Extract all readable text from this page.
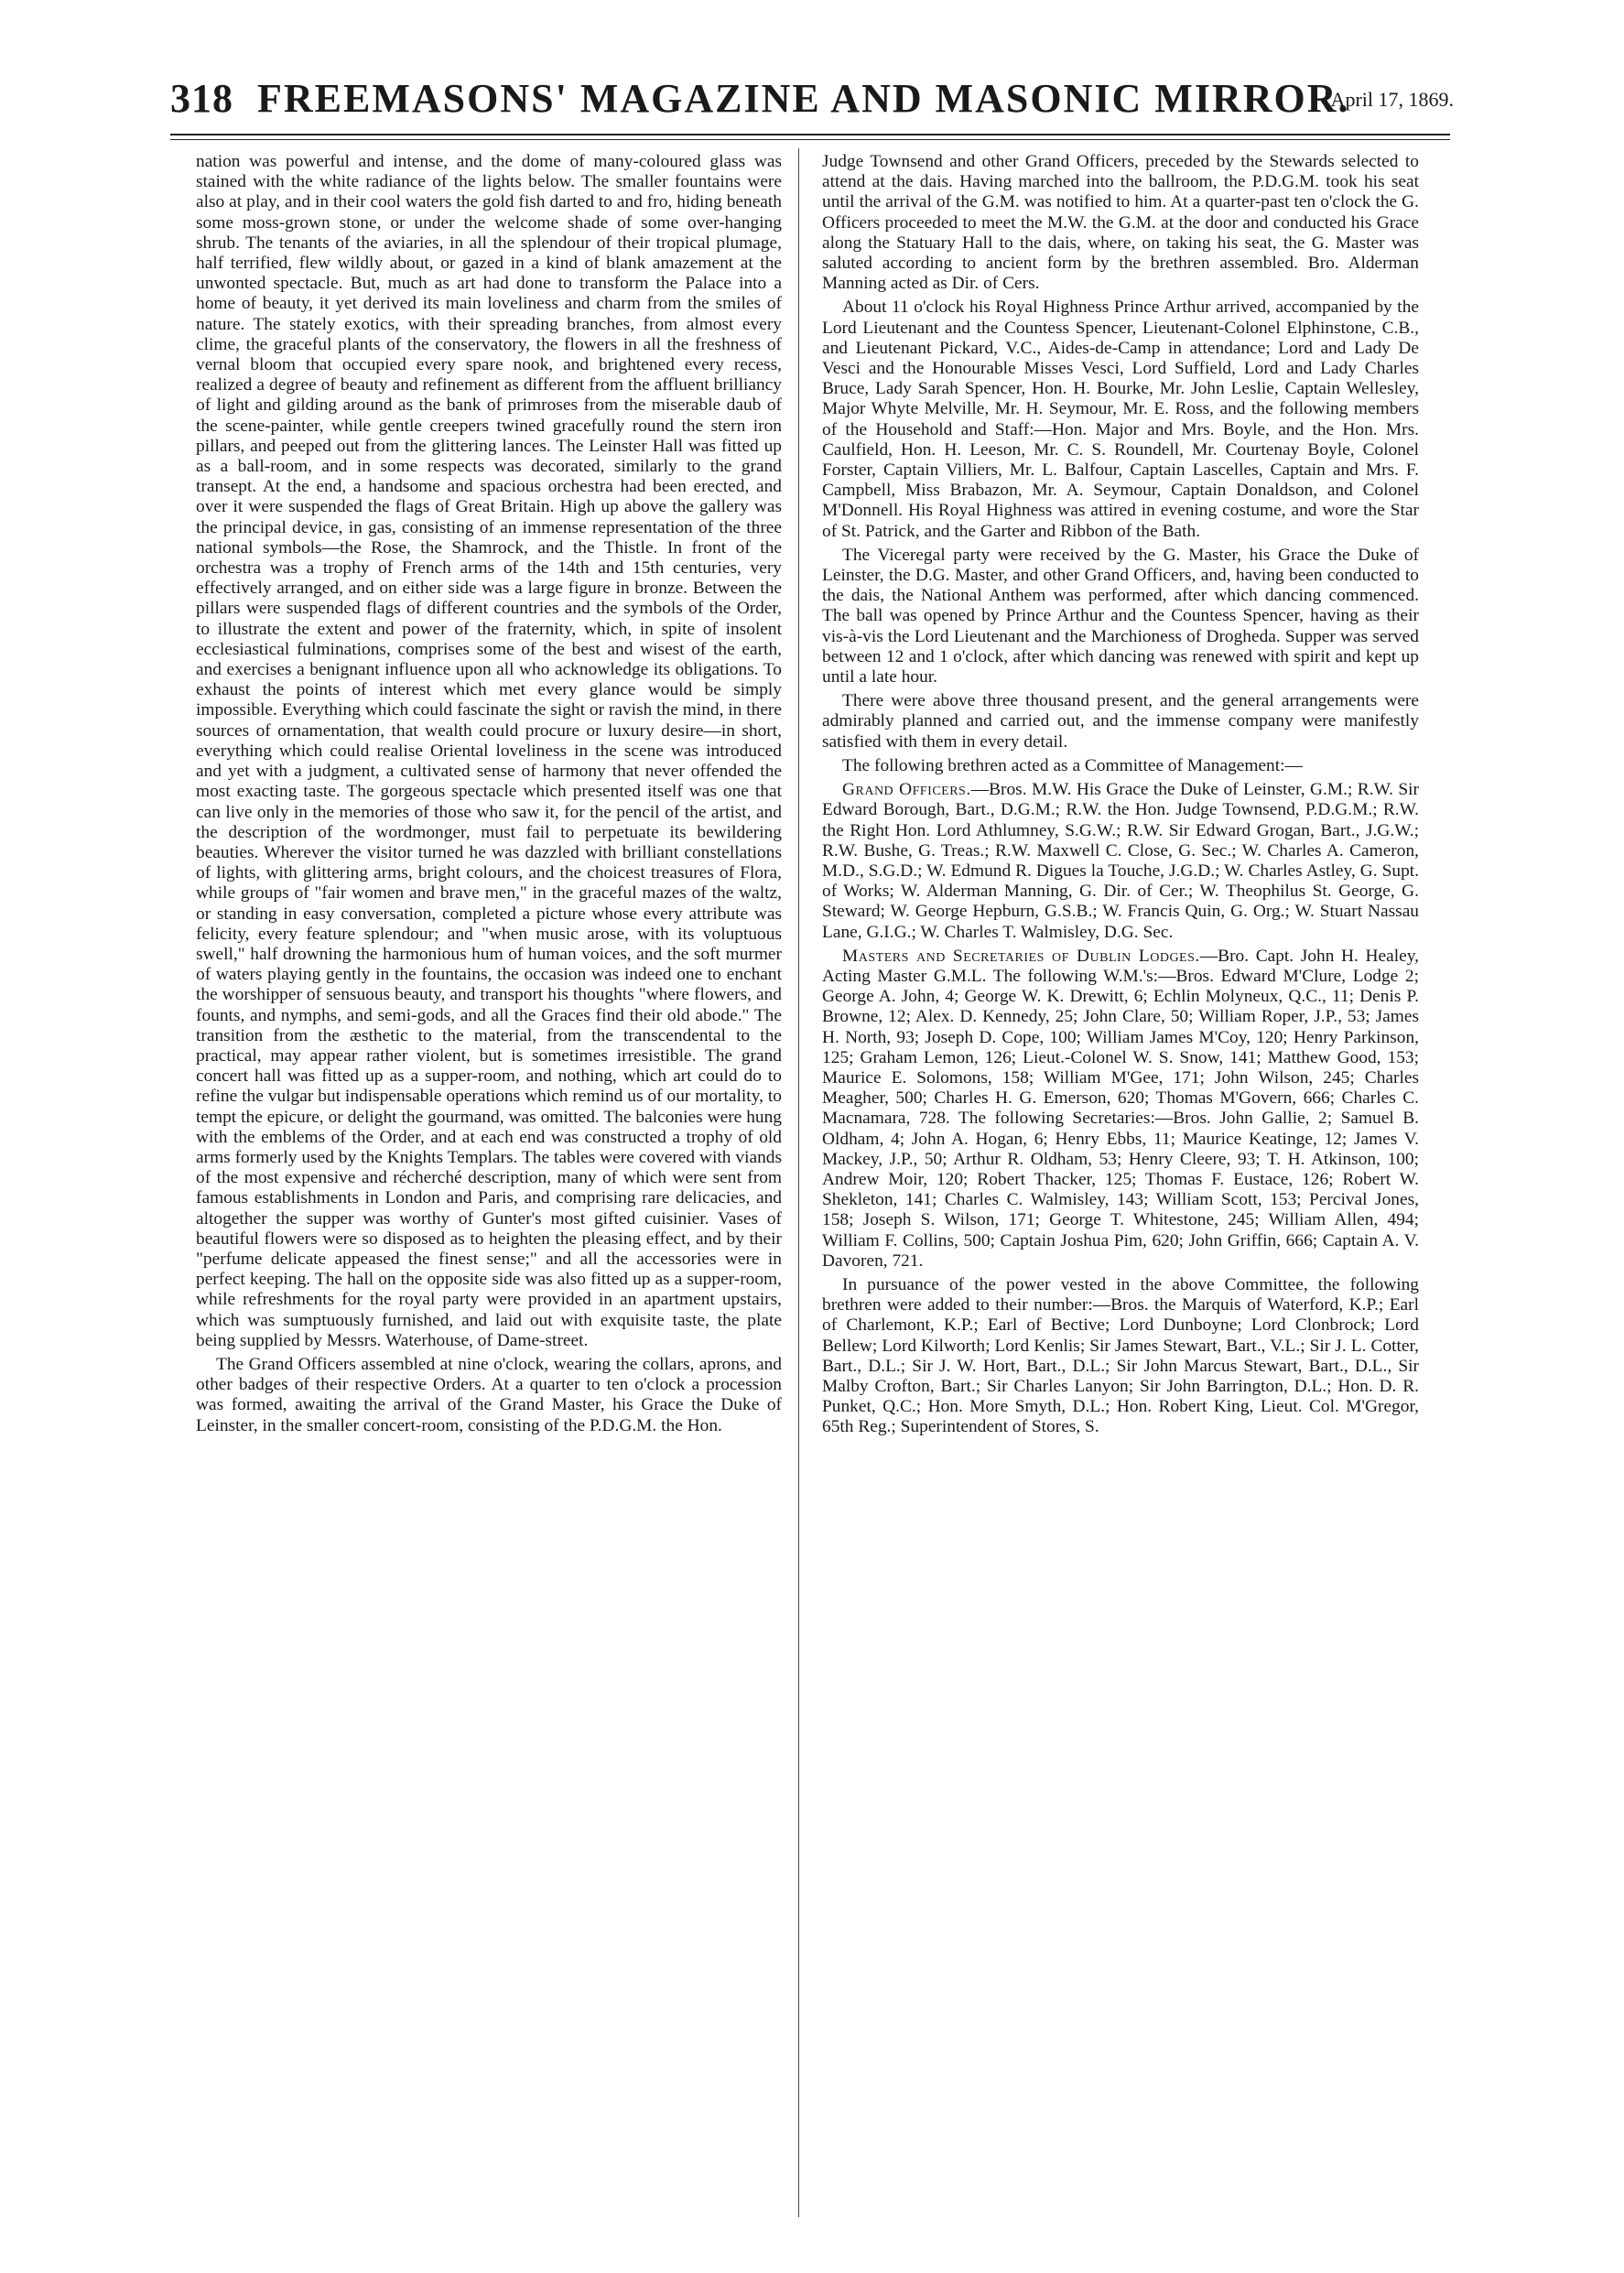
318 FREEMASONS' MAGAZINE AND MASONIC MIRROR.
[April 17, 1869.

nation was powerful and intense, and the dome of many-coloured glass was stained with the white radiance of the lights below. The smaller fountains were also at play, and in their cool waters the gold fish darted to and fro, hiding beneath some moss-grown stone, or under the welcome shade of some over-hanging shrub. The tenants of the aviaries, in all the splendour of their tropical plumage, half terrified, flew wildly about, or gazed in a kind of blank amazement at the unwonted spectacle. But, much as art had done to transform the Palace into a home of beauty, it yet derived its main loveliness and charm from the smiles of nature. The stately exotics, with their spreading branches, from almost every clime, the graceful plants of the conservatory, the flowers in all the freshness of vernal bloom that occupied every spare nook, and brightened every recess, realized a degree of beauty and refinement as different from the affluent brilliancy of light and gilding around as the bank of primroses from the miserable daub of the scene-painter, while gentle creepers twined gracefully round the stern iron pillars, and peeped out from the glittering lances. The Leinster Hall was fitted up as a ball-room, and in some respects was decorated, similarly to the grand transept. At the end, a handsome and spacious orchestra had been erected, and over it were suspended the flags of Great Britain. High up above the gallery was the principal device, in gas, consisting of an immense representation of the three national symbols—the Rose, the Shamrock, and the Thistle. In front of the orchestra was a trophy of French arms of the 14th and 15th centuries, very effectively arranged, and on either side was a large figure in bronze. Between the pillars were suspended flags of different countries and the symbols of the Order, to illustrate the extent and power of the fraternity, which, in spite of insolent ecclesiastical fulminations, comprises some of the best and wisest of the earth, and exercises a benignant influence upon all who acknowledge its obligations. To exhaust the points of interest which met every glance would be simply impossible. Everything which could fascinate the sight or ravish the mind, in there sources of ornamentation, that wealth could procure or luxury desire—in short, everything which could realise Oriental loveliness in the scene was introduced and yet with a judgment, a cultivated sense of harmony that never offended the most exacting taste. The gorgeous spectacle which presented itself was one that can live only in the memories of those who saw it, for the pencil of the artist, and the description of the wordmonger, must fail to perpetuate its bewildering beauties. Wherever the visitor turned he was dazzled with brilliant constellations of lights, with glittering arms, bright colours, and the choicest treasures of Flora, while groups of "fair women and brave men," in the graceful mazes of the waltz, or standing in easy conversation, completed a picture whose every attribute was felicity, every feature splendour; and "when music arose, with its voluptuous swell," half drowning the harmonious hum of human voices, and the soft murmer of waters playing gently in the fountains, the occasion was indeed one to enchant the worshipper of sensuous beauty, and transport his thoughts "where flowers, and founts, and nymphs, and semi-gods, and all the Graces find their old abode." The transition from the æsthetic to the material, from the transcendental to the practical, may appear rather violent, but is sometimes irresistible. The grand concert hall was fitted up as a supper-room, and nothing, which art could do to refine the vulgar but indispensable operations which remind us of our mortality, to tempt the epicure, or delight the gourmand, was omitted. The balconies were hung with the emblems of the Order, and at each end was constructed a trophy of old arms formerly used by the Knights Templars. The tables were covered with viands of the most expensive and récherché description, many of which were sent from famous establishments in London and Paris, and comprising rare delicacies, and altogether the supper was worthy of Gunter's most gifted cuisinier. Vases of beautiful flowers were so disposed as to heighten the pleasing effect, and by their "perfume delicate appeased the finest sense;" and all the accessories were in perfect keeping. The hall on the opposite side was also fitted up as a supper-room, while refreshments for the royal party were provided in an apartment upstairs, which was sumptuously furnished, and laid out with exquisite taste, the plate being supplied by Messrs. Waterhouse, of Dame-street.

The Grand Officers assembled at nine o'clock, wearing the collars, aprons, and other badges of their respective Orders. At a quarter to ten o'clock a procession was formed, awaiting the arrival of the Grand Master, his Grace the Duke of Leinster, in the smaller concert-room, consisting of the P.D.G.M. the Hon.

Judge Townsend and other Grand Officers, preceded by the Stewards selected to attend at the dais. Having marched into the ballroom, the P.D.G.M. took his seat until the arrival of the G.M. was notified to him. At a quarter-past ten o'clock the G. Officers proceeded to meet the M.W. the G.M. at the door and conducted his Grace along the Statuary Hall to the dais, where, on taking his seat, the G. Master was saluted according to ancient form by the brethren assembled. Bro. Alderman Manning acted as Dir. of Cers.

About 11 o'clock his Royal Highness Prince Arthur arrived, accompanied by the Lord Lieutenant and the Countess Spencer, Lieutenant-Colonel Elphinstone, C.B., and Lieutenant Pickard, V.C., Aides-de-Camp in attendance; Lord and Lady De Vesci and the Honourable Misses Vesci, Lord Suffield, Lord and Lady Charles Bruce, Lady Sarah Spencer, Hon. H. Bourke, Mr. John Leslie, Captain Wellesley, Major Whyte Melville, Mr. H. Seymour, Mr. E. Ross, and the following members of the Household and Staff:—Hon. Major and Mrs. Boyle, and the Hon. Mrs. Caulfield, Hon. H. Leeson, Mr. C. S. Roundell, Mr. Courtenay Boyle, Colonel Forster, Captain Villiers, Mr. L. Balfour, Captain Lascelles, Captain and Mrs. F. Campbell, Miss Brabazon, Mr. A. Seymour, Captain Donaldson, and Colonel M'Donnell. His Royal Highness was attired in evening costume, and wore the Star of St. Patrick, and the Garter and Ribbon of the Bath.

The Viceregal party were received by the G. Master, his Grace the Duke of Leinster, the D.G. Master, and other Grand Officers, and, having been conducted to the dais, the National Anthem was performed, after which dancing commenced. The ball was opened by Prince Arthur and the Countess Spencer, having as their vis-à-vis the Lord Lieutenant and the Marchioness of Drogheda. Supper was served between 12 and 1 o'clock, after which dancing was renewed with spirit and kept up until a late hour.

There were above three thousand present, and the general arrangements were admirably planned and carried out, and the immense company were manifestly satisfied with them in every detail.

The following brethren acted as a Committee of Management:—

Grand Officers.—Bros. M.W. His Grace the Duke of Leinster, G.M.; R.W. Sir Edward Borough, Bart., D.G.M.; R.W. the Hon. Judge Townsend, P.D.G.M.; R.W. the Right Hon. Lord Athlumney, S.G.W.; R.W. Sir Edward Grogan, Bart., J.G.W.; R.W. Bushe, G. Treas.; R.W. Maxwell C. Close, G. Sec.; W. Charles A. Cameron, M.D., S.G.D.; W. Edmund R. Digues la Touche, J.G.D.; W. Charles Astley, G. Supt. of Works; W. Alderman Manning, G. Dir. of Cer.; W. Theophilus St. George, G. Steward; W. George Hepburn, G.S.B.; W. Francis Quin, G. Org.; W. Stuart Nassau Lane, G.I.G.; W. Charles T. Walmisley, D.G. Sec.

Masters and Secretaries of Dublin Lodges.—Bro. Capt. John H. Healey, Acting Master G.M.L. The following W.M.'s:—Bros. Edward M'Clure, Lodge 2; George A. John, 4; George W. K. Drewitt, 6; Echlin Molyneux, Q.C., 11; Denis P. Browne, 12; Alex. D. Kennedy, 25; John Clare, 50; William Roper, J.P., 53; James H. North, 93; Joseph D. Cope, 100; William James M'Coy, 120; Henry Parkinson, 125; Graham Lemon, 126; Lieut.-Colonel W. S. Snow, 141; Matthew Good, 153; Maurice E. Solomons, 158; William M'Gee, 171; John Wilson, 245; Charles Meagher, 500; Charles H. G. Emerson, 620; Thomas M'Govern, 666; Charles C. Macnamara, 728. The following Secretaries:—Bros. John Gallie, 2; Samuel B. Oldham, 4; John A. Hogan, 6; Henry Ebbs, 11; Maurice Keatinge, 12; James V. Mackey, J.P., 50; Arthur R. Oldham, 53; Henry Cleere, 93; T. H. Atkinson, 100; Andrew Moir, 120; Robert Thacker, 125; Thomas F. Eustace, 126; Robert W. Shekleton, 141; Charles C. Walmisley, 143; William Scott, 153; Percival Jones, 158; Joseph S. Wilson, 171; George T. Whitestone, 245; William Allen, 494; William F. Collins, 500; Captain Joshua Pim, 620; John Griffin, 666; Captain A. V. Davoren, 721.

In pursuance of the power vested in the above Committee, the following brethren were added to their number:—Bros. the Marquis of Waterford, K.P.; Earl of Charlemont, K.P.; Earl of Bective; Lord Dunboyne; Lord Clonbrock; Lord Bellew; Lord Kilworth; Lord Kenlis; Sir James Stewart, Bart., V.L.; Sir J. L. Cotter, Bart., D.L.; Sir J. W. Hort, Bart., D.L.; Sir John Marcus Stewart, Bart., D.L., Sir Malby Crofton, Bart.; Sir Charles Lanyon; Sir John Barrington, D.L.; Hon. D. R. Punket, Q.C.; Hon. More Smyth, D.L.; Hon. Robert King, Lieut. Col. M'Gregor, 65th Reg.; Superintendent of Stores, S.
